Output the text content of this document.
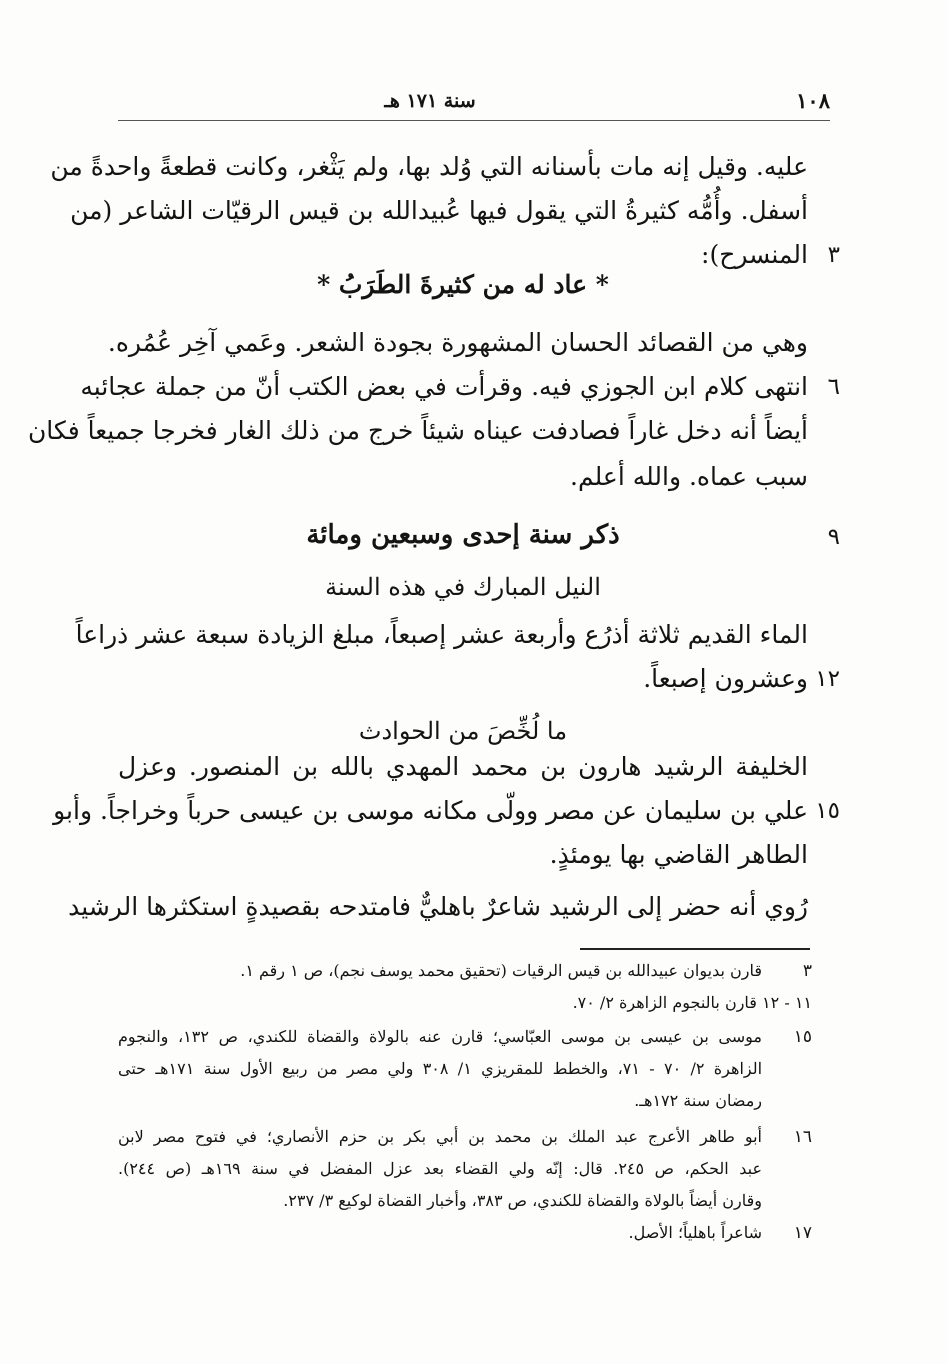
١٠٨
سنة ١٧١ هـ
عليه. وقيل إنه مات بأسنانه التي وُلد بها، ولم يَثْغر، وكانت قطعةً واحدةً من
أسفل. وأُمُّه كثيرةُ التي يقول فيها عُبيدالله بن قيس الرقيّات الشاعر (من
المنسرح): ٣
* عاد له من كثيرةَ الطَرَبُ *
وهي من القصائد الحسان المشهورة بجودة الشعر. وعَمي آخِر عُمُره.
انتهى كلام ابن الجوزي فيه. وقرأت في بعض الكتب أنّ من جملة عجائبه ٦
أيضاً أنه دخل غاراً فصادفت عيناه شيئاً خرج من ذلك الغار فخرجا جميعاً فكان
سبب عماه. والله أعلم.
ذكر سنة إحدى وسبعين ومائة	٩
النيل المبارك في هذه السنة
الماء القديم ثلاثة أذرُع وأربعة عشر إصبعاً، مبلغ الزيادة سبعة عشر ذراعاً
وعشرون إصبعاً. ١٢
ما لُخِّصَ من الحوادث
الخليفة الرشيد هارون بن محمد المهدي بالله بن المنصور. وعزل
علي بن سليمان عن مصر وولّى مكانه موسى بن عيسى حرباً وخراجاً. وأبو ١٥
الطاهر القاضي بها يومئذٍ.
رُوي أنه حضر إلى الرشيد شاعرٌ باهليٌّ فامتدحه بقصيدةٍ استكثرها الرشيد
٣
قارن بديوان عبيدالله بن قيس الرقيات (تحقيق محمد يوسف نجم)، ص ١ رقم ١.
١١ - ١٢ قارن بالنجوم الزاهرة ٢/ ٧٠.
١٥
موسى بن عيسى بن موسى العبّاسي؛ قارن عنه بالولاة والقضاة للكندي، ص ١٣٢، والنجوم
الزاهرة ٢/ ٧٠ - ٧١، والخطط للمقريزي ١/ ٣٠٨ ولي مصر من ربيع الأول سنة ١٧١هـ حتى
رمضان سنة ١٧٢هـ.
١٦
أبو طاهر الأعرج عبد الملك بن محمد بن أبي بكر بن حزم الأنصاري؛ في فتوح مصر لابن
عبد الحكم، ص ٢٤٥. قال: إنّه ولي القضاء بعد عزل المفضل في سنة ١٦٩هـ (ص ٢٤٤).
وقارن أيضاً بالولاة والقضاة للكندي، ص ٣٨٣، وأخبار القضاة لوكيع ٣/ ٢٣٧.
١٧
شاعراً باهلياً؛ الأصل.
